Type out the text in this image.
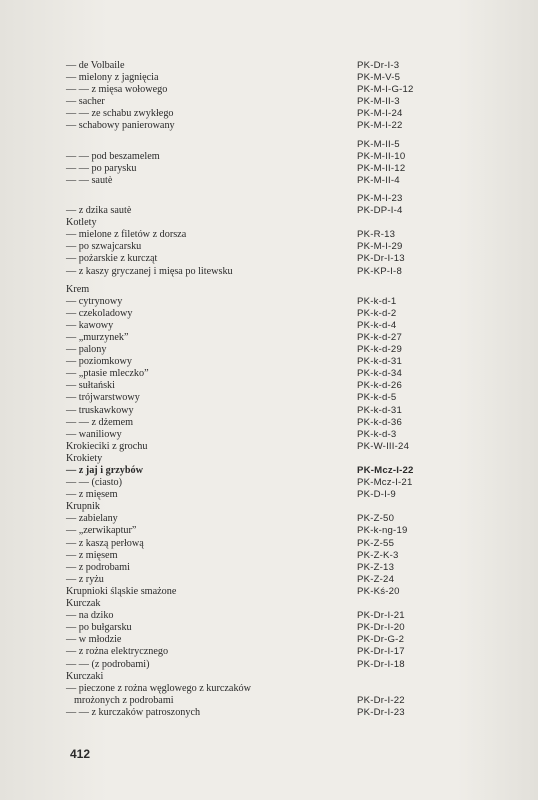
— de Volbaile	PK-Dr-I-3
— mielony z jagnięcia	PK-M-V-5
— — z mięsa wołowego	PK-M-I-G-12
— sacher	PK-M-II-3
— — ze schabu zwykłego	PK-M-I-24
— schabowy panierowany	PK-M-I-22
PK-M-II-5
— — pod beszamelem	PK-M-II-10
— — po parysku	PK-M-II-12
— — sautè	PK-M-II-4
PK-M-I-23
— z dzika sautè	PK-DP-I-4
Kotlety
— mielone z filetów z dorsza	PK-R-13
— po szwajcarsku	PK-M-I-29
— pożarskie z kurcząt	PK-Dr-I-13
— z kaszy gryczanej i mięsa po litewsku	PK-KP-I-8
Krem
— cytrynowy	PK-k-d-1
— czekoladowy	PK-k-d-2
— kawowy	PK-k-d-4
— „murzynek”	PK-k-d-27
— palony	PK-k-d-29
— poziomkowy	PK-k-d-31
— „ptasie mleczko”	PK-k-d-34
— sułtański	PK-k-d-26
— trójwarstwowy	PK-k-d-5
— truskawkowy	PK-k-d-31
— — z dżemem	PK-k-d-36
— waniliowy	PK-k-d-3
Krokieciki z grochu	PK-W-III-24
Krokiety
— z jaj i grzybów	PK-Mcz-I-22
— — (ciasto)	PK-Mcz-I-21
— z mięsem	PK-D-I-9
Krupnik
— zabielany	PK-Z-50
— „zerwikaptur”	PK-k-ng-19
— z kaszą perłową	PK-Z-55
— z mięsem	PK-Z-K-3
— z podrobami	PK-Z-13
— z ryżu	PK-Z-24
Krupnioki śląskie smażone	PK-Kś-20
Kurczak
— na dziko	PK-Dr-I-21
— po bułgarsku	PK-Dr-I-20
— w młodzie	PK-Dr-G-2
— z rożna elektrycznego	PK-Dr-I-17
— — (z podrobami)	PK-Dr-I-18
Kurczaki
— pieczone z rożna węglowego z kurczaków
mrożonych z podrobami	PK-Dr-I-22
— — z kurczaków patroszonych	PK-Dr-I-23
412
